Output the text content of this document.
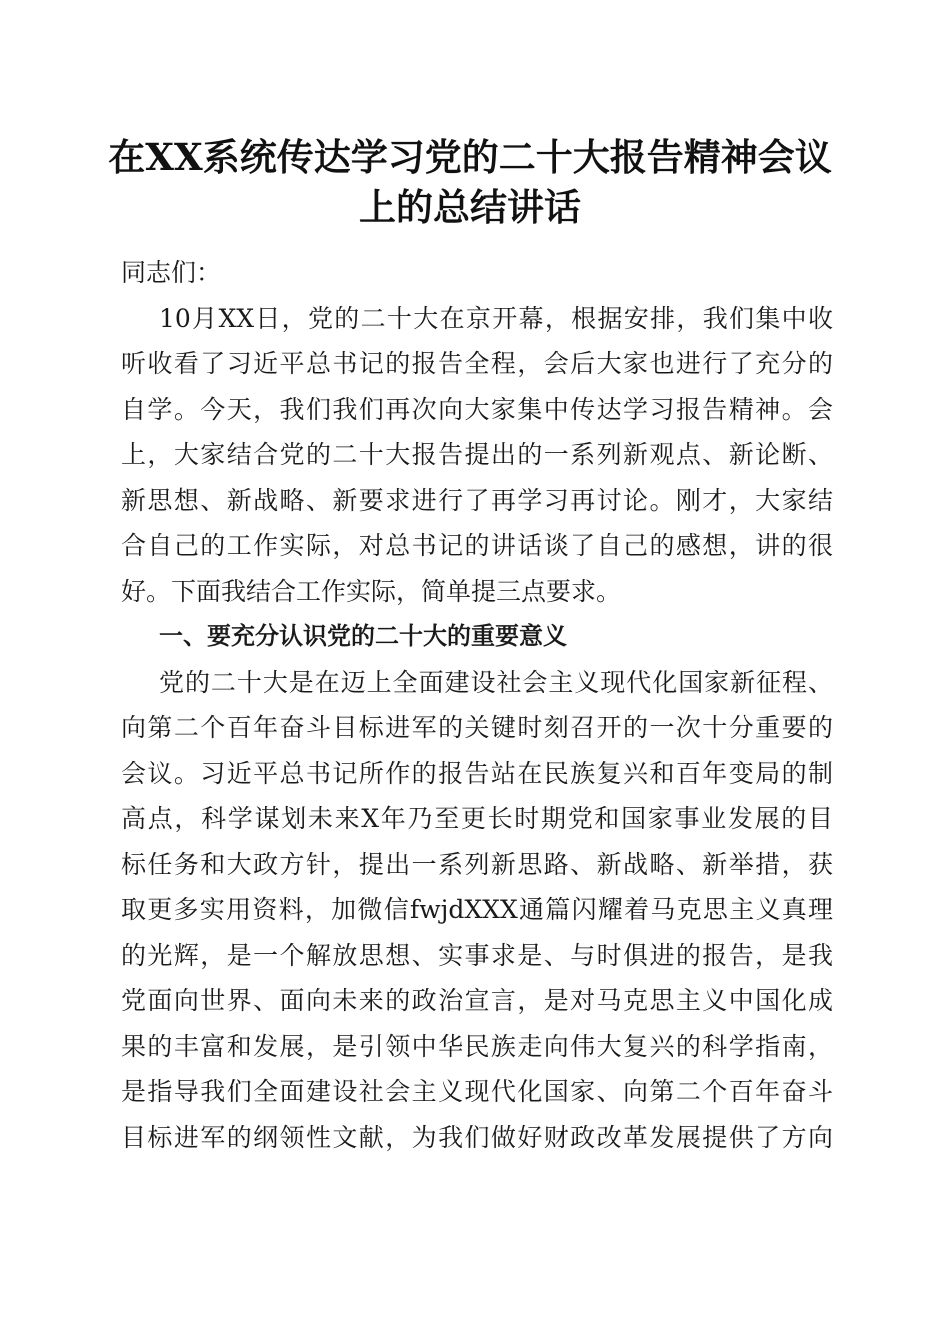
在XX系统传达学习党的二十大报告精神会议
上的总结讲话
同志们：
10月XX日，党的二十大在京开幕，根据安排，我们集中收
听收看了习近平总书记的报告全程，会后大家也进行了充分的
自学。今天，我们我们再次向大家集中传达学习报告精神。会
上，大家结合党的二十大报告提出的一系列新观点、新论断、
新思想、新战略、新要求进行了再学习再讨论。刚才，大家结
合自己的工作实际，对总书记的讲话谈了自己的感想，讲的很
好。下面我结合工作实际，简单提三点要求。
一、要充分认识党的二十大的重要意义
党的二十大是在迈上全面建设社会主义现代化国家新征程、
向第二个百年奋斗目标进军的关键时刻召开的一次十分重要的
会议。习近平总书记所作的报告站在民族复兴和百年变局的制
高点，科学谋划未来X年乃至更长时期党和国家事业发展的目
标任务和大政方针，提出一系列新思路、新战略、新举措，获
取更多实用资料，加微信fwjdXXX通篇闪耀着马克思主义真理
的光辉，是一个解放思想、实事求是、与时俱进的报告，是我
党面向世界、面向未来的政治宣言，是对马克思主义中国化成
果的丰富和发展，是引领中华民族走向伟大复兴的科学指南，
是指导我们全面建设社会主义现代化国家、向第二个百年奋斗
目标进军的纲领性文献，为我们做好财政改革发展提供了方向
